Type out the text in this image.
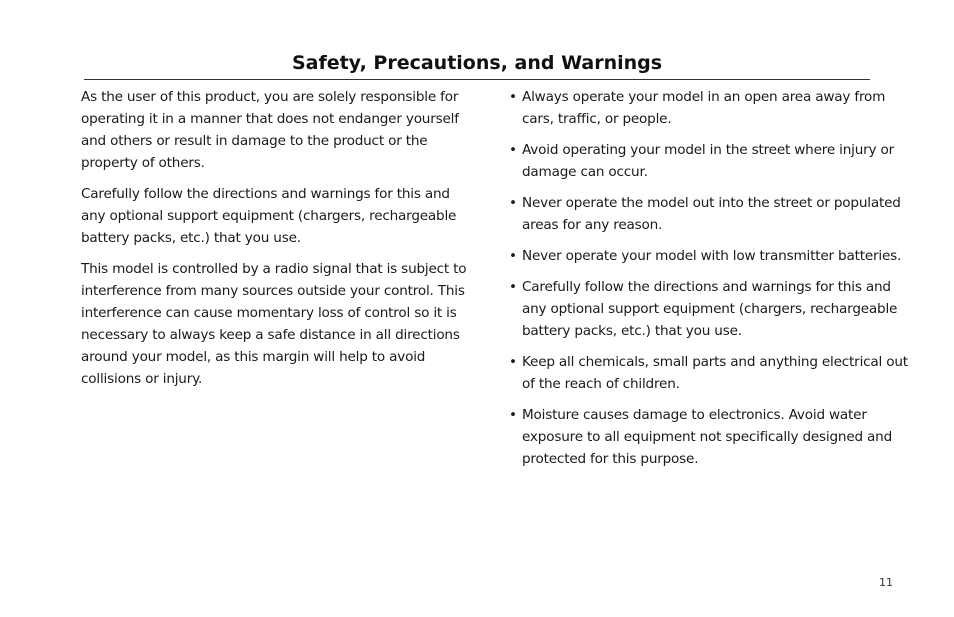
Safety, Precautions, and Warnings

As the user of this product, you are solely responsible for operating it in a manner that does not endanger yourself and others or result in damage to the product or the property of others.

Carefully follow the directions and warnings for this and any optional support equipment (chargers, rechargeable battery packs, etc.) that you use.

This model is controlled by a radio signal that is subject to interference from many sources outside your control. This interference can cause momentary loss of control so it is necessary to always keep a safe distance in all directions around your model, as this margin will help to avoid collisions or injury.

• Always operate your model in an open area away from cars, traffic, or people.
• Avoid operating your model in the street where injury or damage can occur.
• Never operate the model out into the street or populated areas for any reason.
• Never operate your model with low transmitter batteries.
• Carefully follow the directions and warnings for this and any optional support equipment (chargers, rechargeable battery packs, etc.) that you use.
• Keep all chemicals, small parts and anything electrical out of the reach of children.
• Moisture causes damage to electronics. Avoid water exposure to all equipment not specifically designed and protected for this purpose.
11
